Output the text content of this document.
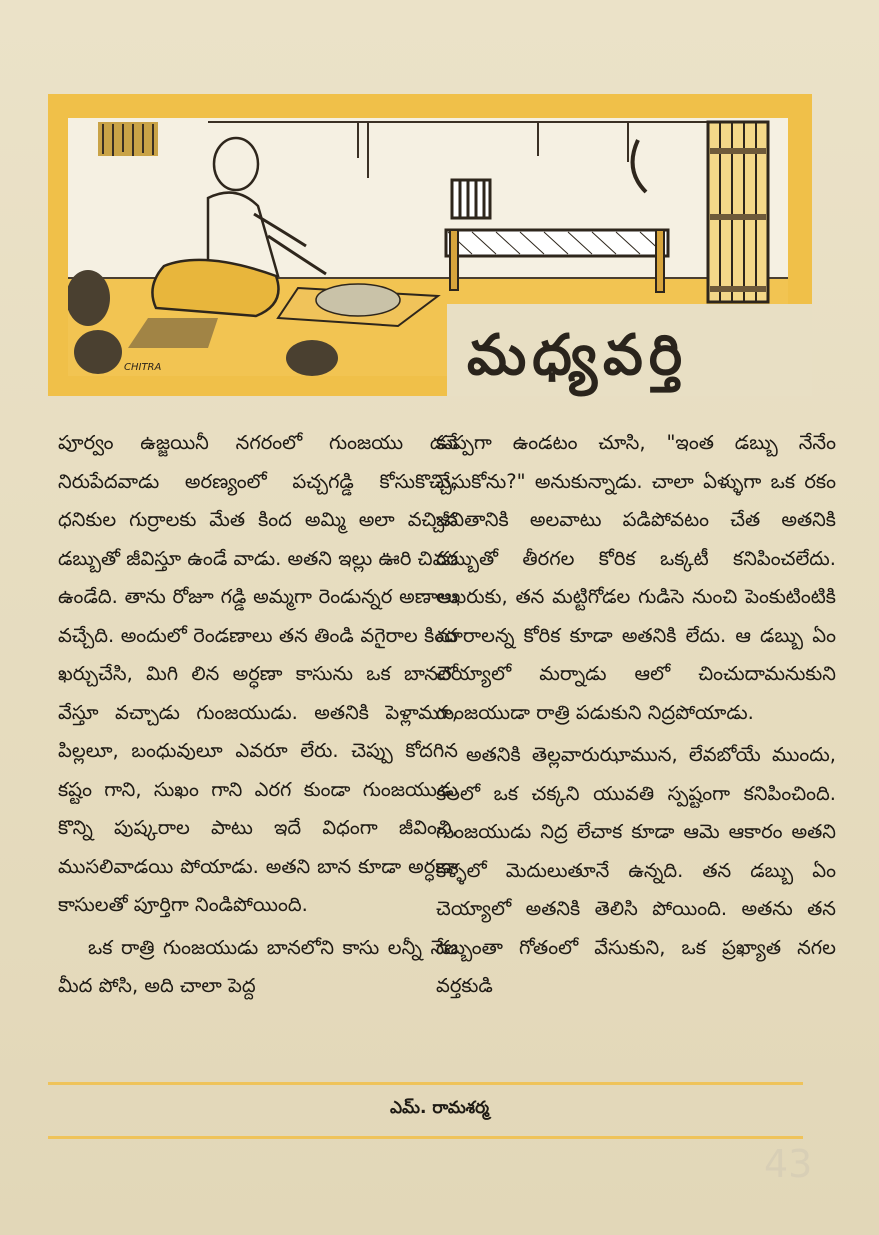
CHITRA	మధ్యవర్తి

పూర్వం ఉజ్జయినీ నగరంలో గుంజయు డనే నిరుపేదవాడు అరణ్యంలో పచ్చగడ్డి కోసుకొచ్చి, ధనికుల గుర్రాలకు మేత కింద అమ్మి అలా వచ్చిన డబ్బుతో జీవిస్తూ ఉండే వాడు. అతని ఇల్లు ఊరి చివర ఉండేది. తాను రోజూ గడ్డి అమ్మగా రెండున్నర అణాలు వచ్చేది. అందులో రెండణాలు తన తిండి వగైరాల కింద ఖర్చుచేసి, మిగి లిన అర్ధణా కాసును ఒక బానలో వేస్తూ వచ్చాడు గుంజయుడు. అతనికి పెళ్లామూ, పిల్లలూ, బంధువులూ ఎవరూ లేరు. చెప్పు కోదగిన కష్టం గాని, సుఖం గాని ఎరగ కుండా గుంజయుడు కొన్ని పుష్కరాల పాటు ఇదే విధంగా జీవించి, ముసలివాడయి పోయాడు. అతని బాన కూడా అర్ధణా కాసులతో పూర్తిగా నిండిపోయింది.

ఒక రాత్రి గుంజయుడు బానలోని కాసు లన్నీ నేల మీద పోసి, అది చాలా పెద్ద

కుప్పగా ఉండటం చూసి, "ఇంత డబ్బు నేనేం చేసుకోను?" అనుకున్నాడు. చాలా ఏళ్ళుగా ఒక రకం జీవితానికి అలవాటు పడిపోవటం చేత అతనికి డబ్బుతో తీరగల కోరిక ఒక్కటీ కనిపించలేదు. ఆఖరుకు, తన మట్టిగోడల గుడిసె నుంచి పెంకుటింటికి మారాలన్న కోరిక కూడా అతనికి లేదు. ఆ డబ్బు ఏం చెయ్యాలో మర్నాడు ఆలో చించుదామనుకుని గుంజయుడా రాత్రి పడుకుని నిద్రపోయాడు.

అతనికి తెల్లవారుఝామున, లేవబోయే ముందు, కలలో ఒక చక్కని యువతి స్పష్టంగా కనిపించింది. గుంజయుడు నిద్ర లేచాక కూడా ఆమె ఆకారం అతని కళ్ళలో మెదులుతూనే ఉన్నది. తన డబ్బు ఏం చెయ్యాలో అతనికి తెలిసి పోయింది. అతను తన డబ్బంతా గోతంలో వేసుకుని, ఒక ప్రఖ్యాత నగల వర్తకుడి

ఎమ్. రామశర్మ

43
